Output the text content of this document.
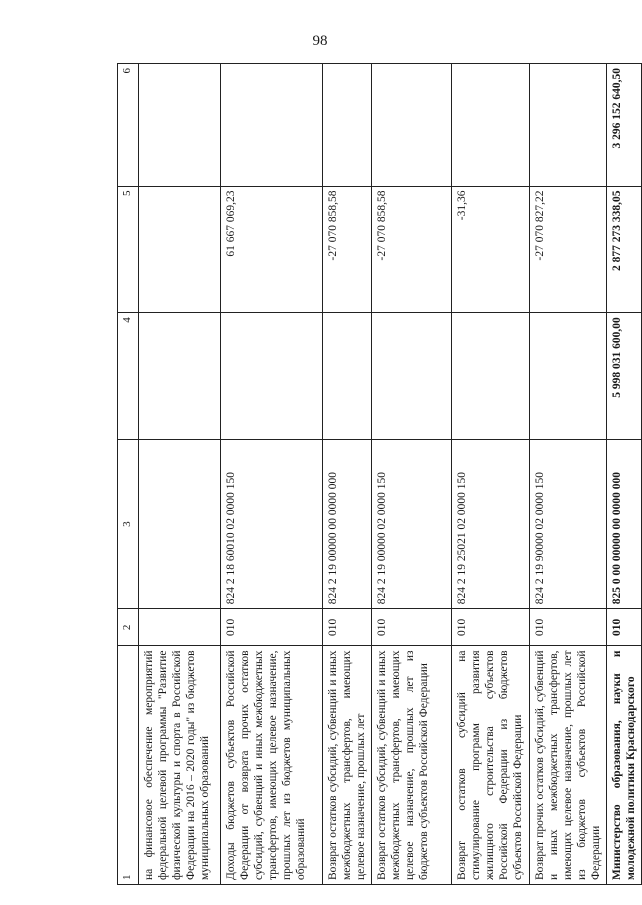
98
1	2	3	4	5	6
на финансовое обеспечение мероприятий федеральной целевой программы "Развитие физической культуры и спорта в Российской Федерации на 2016 – 2020 годы" из бюджетов муниципальных образований					
Доходы бюджетов субъектов Российской Федерации от возврата прочих остатков субсидий, субвенций и иных межбюджетных трансфертов, имеющих целевое назначение, прошлых лет из бюджетов муниципальных образований	010	824 2 18 60010 02 0000 150		61 667 069,23	
Возврат остатков субсидий, субвенций и иных межбюджетных трансфертов, имеющих целевое назначение, прошлых лет	010	824 2 19 00000 00 0000 000		-27 070 858,58	
Возврат остатков субсидий, субвенций и иных межбюджетных трансфертов, имеющих целевое назначение, прошлых лет из бюджетов субъектов Российской Федерации	010	824 2 19 00000 02 0000 150		-27 070 858,58	
Возврат остатков субсидий на стимулирование программ развития жилищного строительства субъектов Российской Федерации из бюджетов субъектов Российской Федерации	010	824 2 19 25021 02 0000 150		-31,36	
Возврат прочих остатков субсидий, субвенций и иных межбюджетных трансфертов, имеющих целевое назначение, прошлых лет из бюджетов субъектов Российской Федерации	010	824 2 19 90000 02 0000 150		-27 070 827,22	
Министерство образования, науки и молодежной политики Краснодарского	010	825 0 00 00000 00 0000 000	5 998 031 600,00	2 877 273 338,05	3 296 152 640,50
